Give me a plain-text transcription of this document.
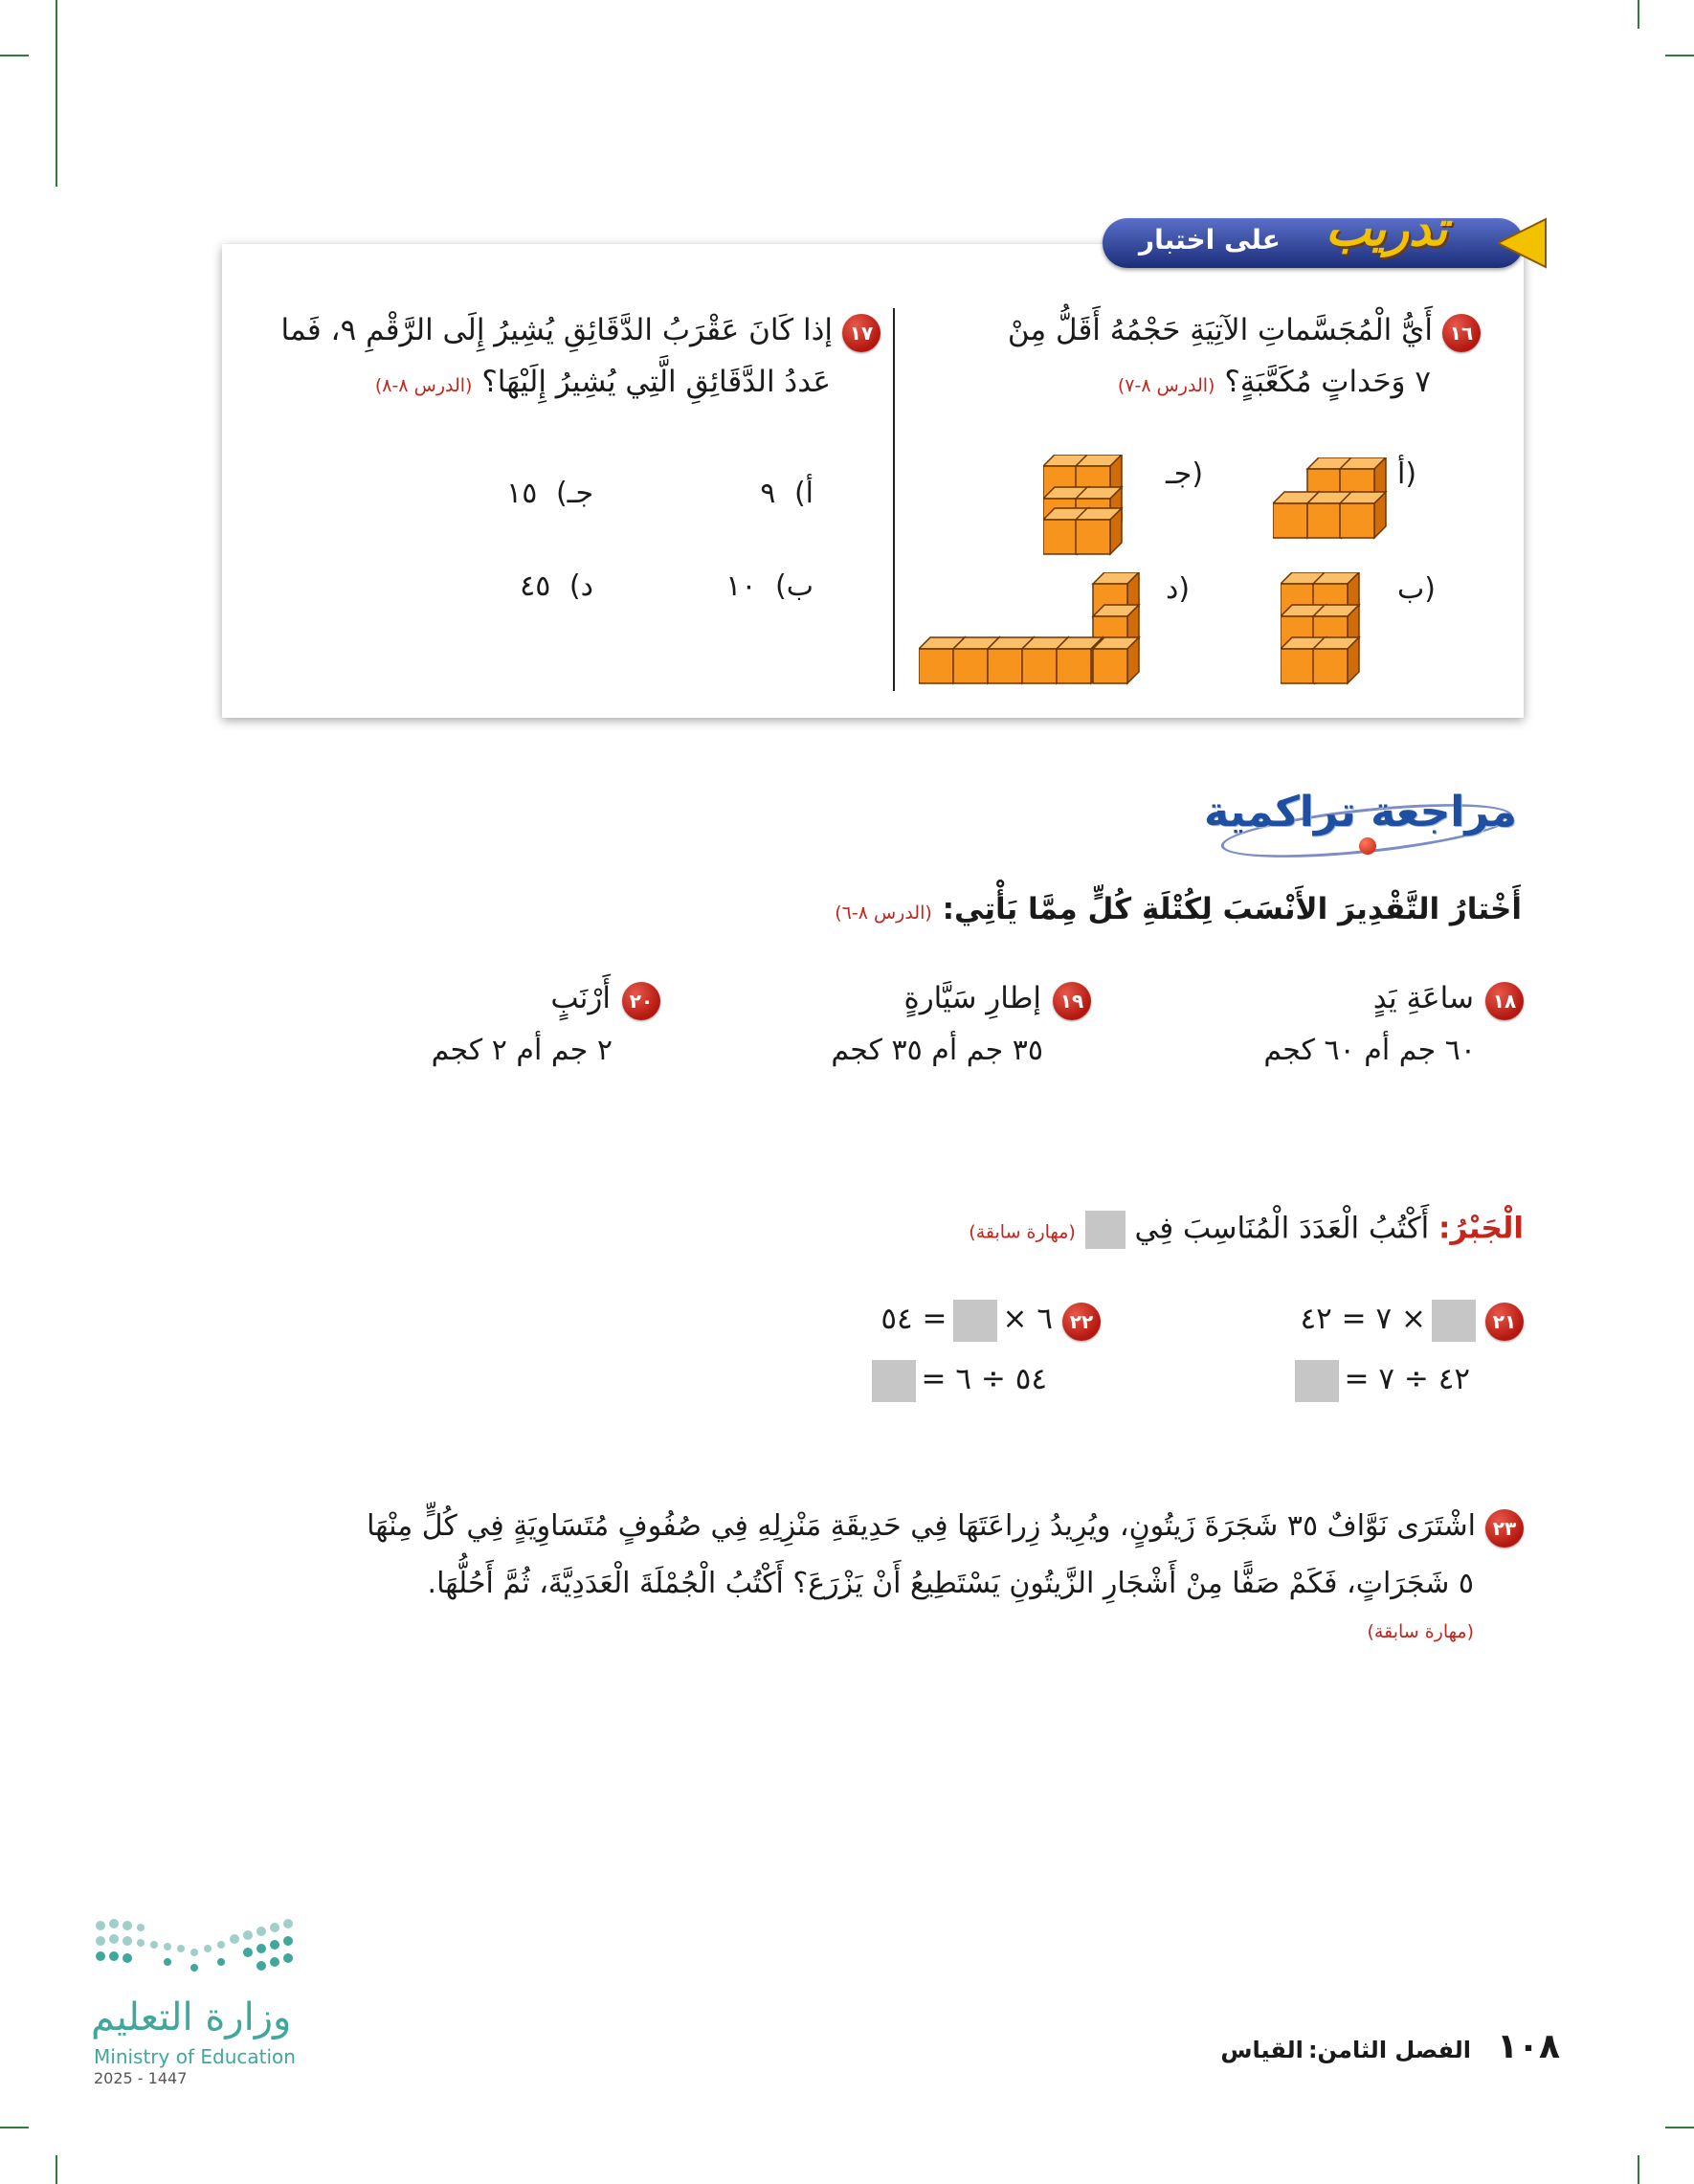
على اختبار تدريب
١٦أَيُّ الْمُجَسَّماتِ الآتِيَةِ حَجْمُهُ أَقَلُّ مِنْ
٧ وَحَداتٍ مُكَعَّبَةٍ؟ (الدرس ٨-٧)
أ)
ب)
جـ)
د)
١٧إذا كَانَ عَقْرَبُ الدَّقَائِقِ يُشِيرُ إِلَى الرَّقْمِ ٩، فَما
عَددُ الدَّقَائِقِ الَّتِي يُشِيرُ إِلَيْهَا؟ (الدرس ٨-٨)
أ) ٩
جـ) ١٥
ب) ١٠
د) ٤٥
مراجعة تراكمية
أَخْتارُ التَّقْدِيرَ الأَنْسَبَ لِكُتْلَةِ كُلٍّ مِمَّا يَأْتِي: (الدرس ٨-٦)
١٨ساعَةِ يَدٍ
٦٠ جم أم ٦٠ كجم
١٩إطارِ سَيَّارةٍ
٣٥ جم أم ٣٥ كجم
٢٠أَرْنَبٍ
٢ جم أم ٢ كجم
الْجَبْرُ: أَكْتُبُ الْعَدَدَ الْمُنَاسِبَ فِي  (مهارة سابقة)
٢١× ٧ = ٤٢
٤٢ ÷ ٧ =
٢٢٦ ×= ٥٤
٥٤ ÷ ٦ =
٢٣اشْتَرَى نَوَّافٌ ٣٥ شَجَرَةَ زَيتُونٍ، ويُرِيدُ زِراعَتَهَا فِي حَدِيقَةِ مَنْزِلِهِ فِي صُفُوفٍ مُتَسَاوِيَةٍ فِي كُلٍّ مِنْهَا
٥ شَجَرَاتٍ، فَكَمْ صَفًّا مِنْ أَشْجَارِ الزَّيتُونِ يَسْتَطِيعُ أَنْ يَزْرَعَ؟ أَكْتُبُ الْجُمْلَةَ الْعَدَدِيَّةَ، ثُمَّ أَحُلُّهَا.
(مهارة سابقة)
وزارة التعليم
Ministry of Education
2025 - 1447
١٠٨ الفصل الثامن: القياس
